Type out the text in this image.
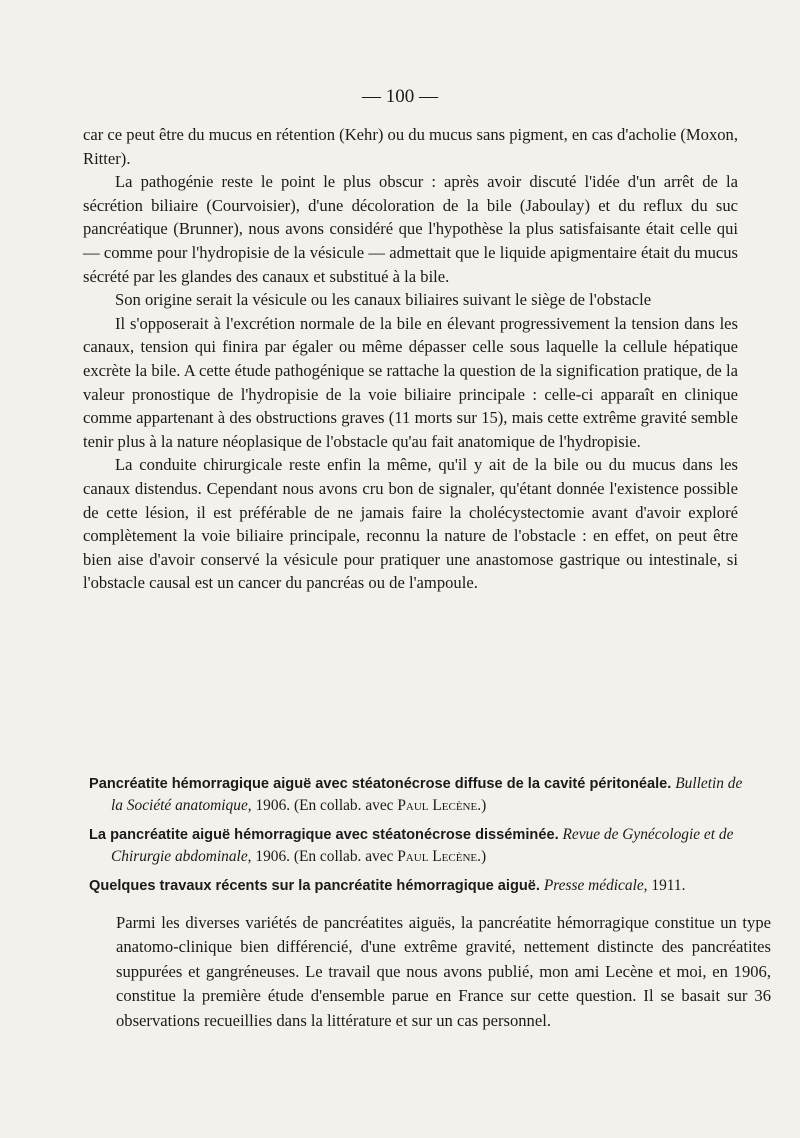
— 100 —

car ce peut être du mucus en rétention (Kehr) ou du mucus sans pigment, en cas d'acholie (Moxon, Ritter).

La pathogénie reste le point le plus obscur : après avoir discuté l'idée d'un arrêt de la sécrétion biliaire (Courvoisier), d'une décoloration de la bile (Jaboulay) et du reflux du suc pancréatique (Brunner), nous avons considéré que l'hypothèse la plus satisfaisante était celle qui — comme pour l'hydropisie de la vésicule — admettait que le liquide apigmentaire était du mucus sécrété par les glandes des canaux et substitué à la bile.

Son origine serait la vésicule ou les canaux biliaires suivant le siège de l'obstacle

Il s'opposerait à l'excrétion normale de la bile en élevant progressivement la tension dans les canaux, tension qui finira par égaler ou même dépasser celle sous laquelle la cellule hépatique excrète la bile. A cette étude pathogénique se rattache la question de la signification pratique, de la valeur pronostique de l'hydropisie de la voie biliaire principale : celle-ci apparaît en clinique comme appartenant à des obstructions graves (11 morts sur 15), mais cette extrême gravité semble tenir plus à la nature néoplasique de l'obstacle qu'au fait anatomique de l'hydropisie.

La conduite chirurgicale reste enfin la même, qu'il y ait de la bile ou du mucus dans les canaux distendus. Cependant nous avons cru bon de signaler, qu'étant donnée l'existence possible de cette lésion, il est préférable de ne jamais faire la cholécystectomie avant d'avoir exploré complètement la voie biliaire principale, reconnu la nature de l'obstacle : en effet, on peut être bien aise d'avoir conservé la vésicule pour pratiquer une anastomose gastrique ou intestinale, si l'obstacle causal est un cancer du pancréas ou de l'ampoule.

Pancréatite hémorragique aiguë avec stéatonécrose diffuse de la cavité péritonéale. Bulletin de la Société anatomique, 1906. (En collab. avec Paul Lecène.)

La pancréatite aiguë hémorragique avec stéatonécrose disséminée. Revue de Gynécologie et de Chirurgie abdominale, 1906. (En collab. avec Paul Lecène.)

Quelques travaux récents sur la pancréatite hémorragique aiguë. Presse médicale, 1911.

Parmi les diverses variétés de pancréatites aiguës, la pancréatite hémorragique constitue un type anatomo-clinique bien différencié, d'une extrême gravité, nettement distincte des pancréatites suppurées et gangréneuses. Le travail que nous avons publié, mon ami Lecène et moi, en 1906, constitue la première étude d'ensemble parue en France sur cette question. Il se basait sur 36 observations recueillies dans la littérature et sur un cas personnel.
